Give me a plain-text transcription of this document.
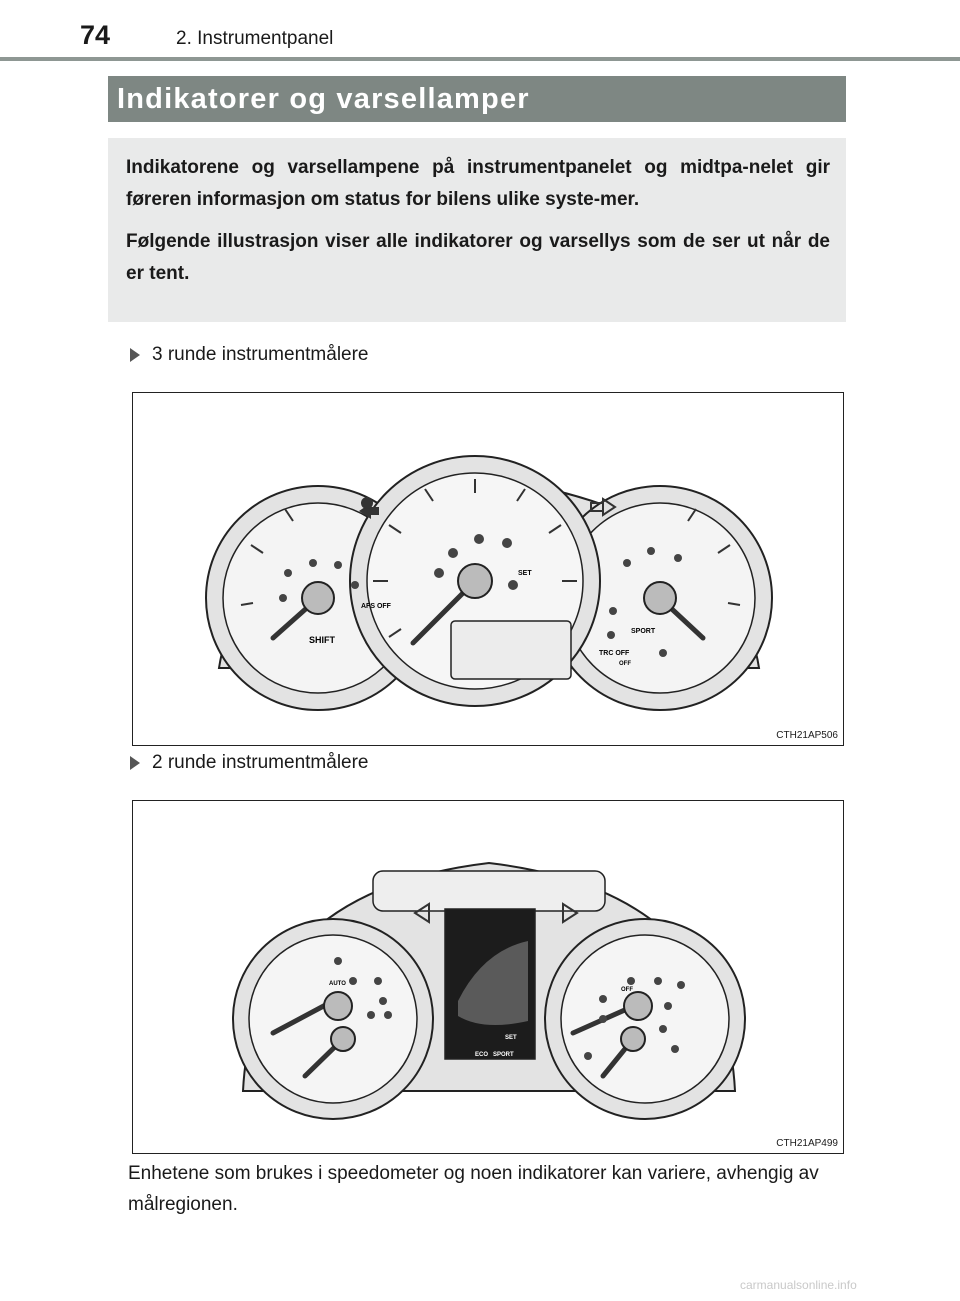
74	2. Instrumentpanel
Indikatorer og varsellamper

Indikatorene og varsellampene på instrumentpanelet og midtpa-nelet gir føreren informasjon om status for bilens ulike syste-mer.

Følgende illustrasjon viser alle indikatorer og varsellys som de ser ut når de er tent.

3 runde instrumentmålere
SHIFT
AFS OFF
SET
SPORT
TRC OFF
OFF
CTH21AP506
2 runde instrumentmålere
AUTO
ECO SPORT
SET
OFF
CTH21AP499
Enhetene som brukes i speedometer og noen indikatorer kan variere, avhengig av målregionen.
carmanualsonline.info
